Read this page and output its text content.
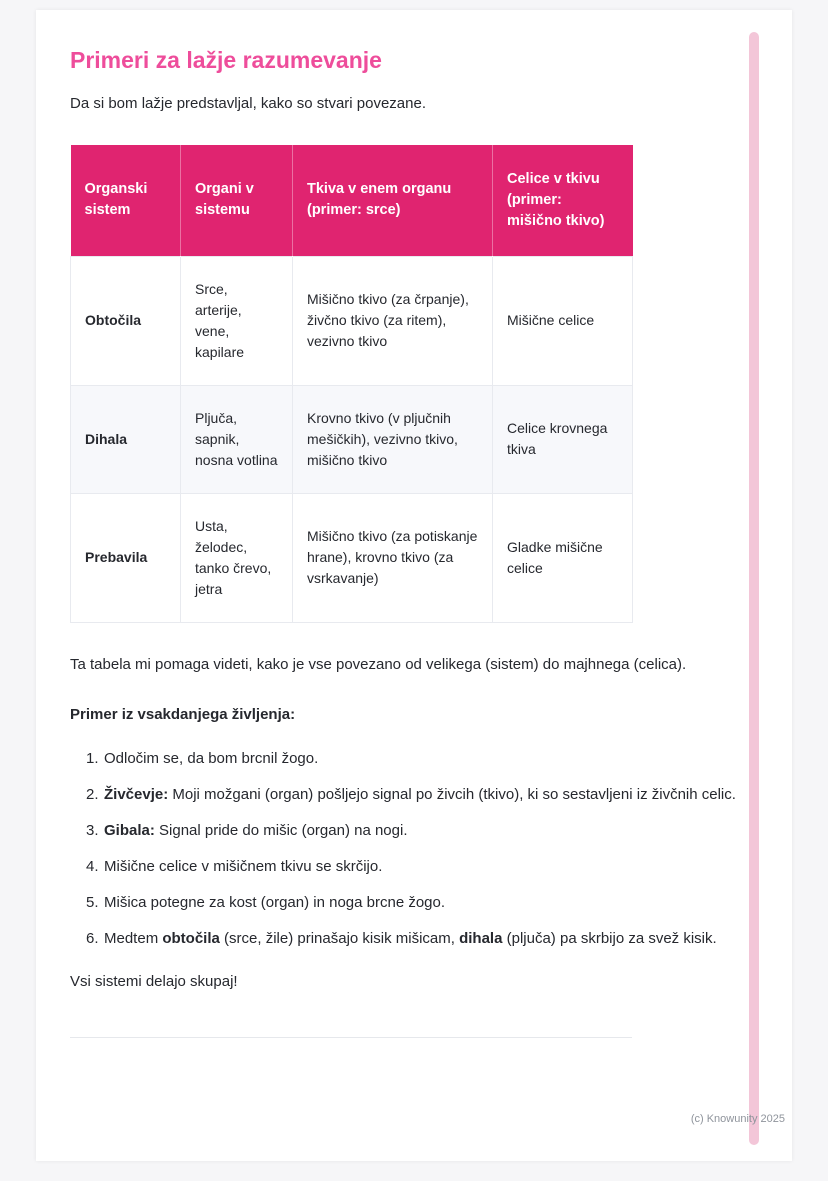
Primeri za lažje razumevanje

Da si bom lažje predstavljal, kako so stvari povezane.

Organski sistem	Organi v sistemu	Tkiva v enem organu (primer: srce)	Celice v tkivu (primer: mišično tkivo)
Obtočila	Srce, arterije, vene, kapilare	Mišično tkivo (za črpanje), živčno tkivo (za ritem), vezivno tkivo	Mišične celice
Dihala	Pljuča, sapnik, nosna votlina	Krovno tkivo (v pljučnih mešičkih), vezivno tkivo, mišično tkivo	Celice krovnega tkiva
Prebavila	Usta, želodec, tanko črevo, jetra	Mišično tkivo (za potiskanje hrane), krovno tkivo (za vsrkavanje)	Gladke mišične celice

Ta tabela mi pomaga videti, kako je vse povezano od velikega (sistem) do majhnega (celica).

Primer iz vsakdanjega življenja:

1. Odločim se, da bom brcnil žogo.
2. Živčevje: Moji možgani (organ) pošljejo signal po živcih (tkivo), ki so sestavljeni iz živčnih celic.
3. Gibala: Signal pride do mišic (organ) na nogi.
4. Mišične celice v mišičnem tkivu se skrčijo.
5. Mišica potegne za kost (organ) in noga brcne žogo.
6. Medtem obtočila (srce, žile) prinašajo kisik mišicam, dihala (pljuča) pa skrbijo za svež kisik.

Vsi sistemi delajo skupaj!

(c) Knowunity 2025
